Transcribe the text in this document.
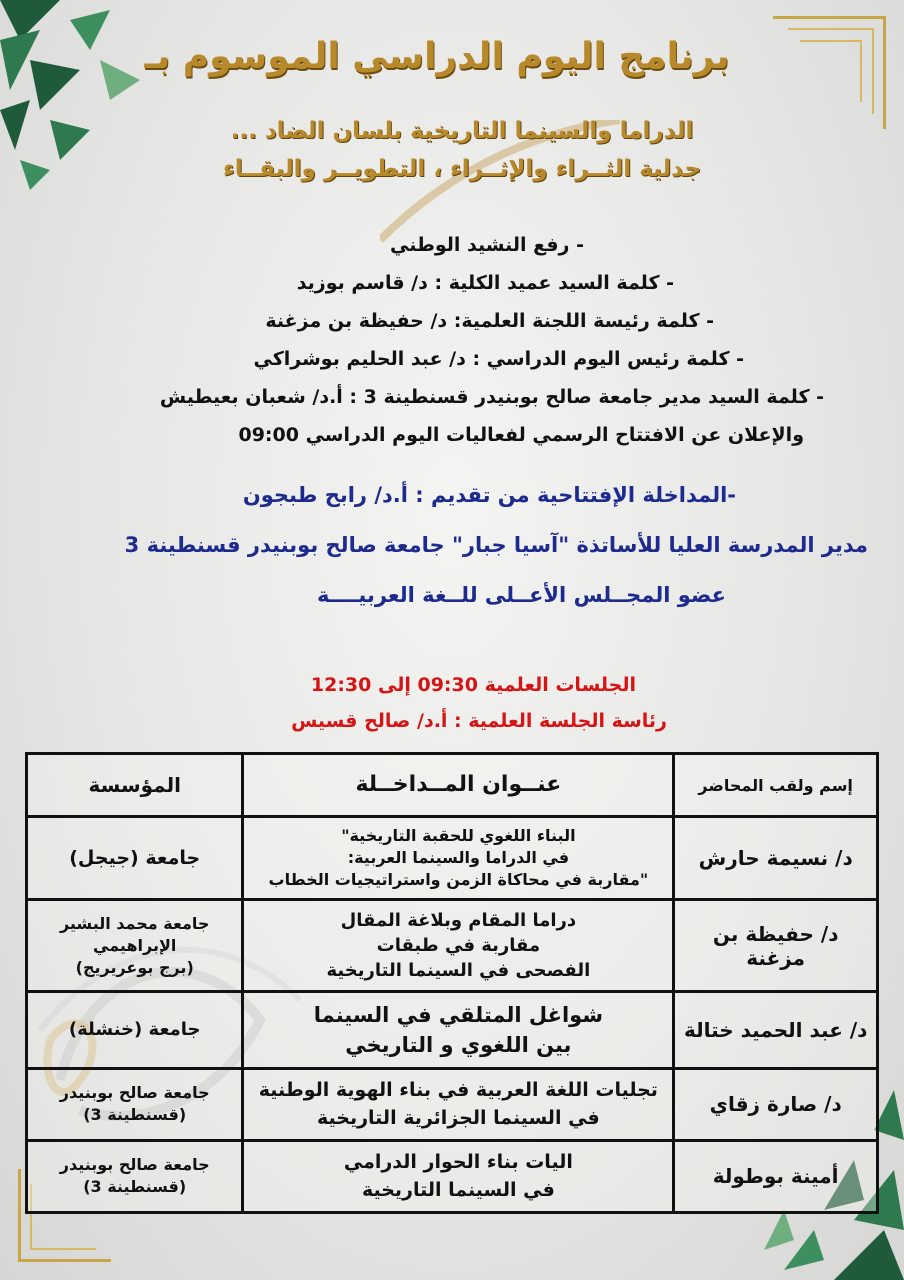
برنامج اليوم الدراسي الموسوم بـ
الدراما والسينما التاريخية بلسان الضاد ...
جدلية الثــراء والإثــراء ، التطويــر والبقــاء

- رفع النشيد الوطني

- كلمة السيد عميد الكلية : د/ قاسم بوزيد

- كلمة رئيسة اللجنة العلمية: د/ حفيظة بن مزغنة

- كلمة رئيس اليوم الدراسي : د/ عبد الحليم بوشراكي

- كلمة السيد مدير جامعة صالح بوبنيدر قسنطينة 3 : أ.د/ شعبان بعيطيش

والإعلان عن الافتتاح الرسمي لفعاليات اليوم الدراسي 09:00

-المداخلة الإفتتاحية من تقديم : أ.د/ رابح طبجون
مدير المدرسة العليا للأساتذة "آسيا جبار" جامعة صالح بوبنيدر قسنطينة 3
عضو المجــلس الأعــلى للــغة العربيــــة
الجلسات العلمية 09:30 إلى 12:30
رئاسة الجلسة العلمية : أ.د/ صالح قسيس
إسم ولقب المحاضر	عنــوان المــداخــلة	المؤسسة
د/ نسيمة حارش	البناء اللغوي للحقبة التاريخية"
في الدراما والسينما العربية:
"مقاربة في محاكاة الزمن واستراتيجيات الخطاب	جامعة (جيجل)

د/ حفيظة بن مزغنة	دراما المقام وبلاغة المقال
مقاربة في طبقات
الفصحى في السينما التاريخية	جامعة محمد البشير
الإبراهيمي
(برج بوعريريج)

د/ عبد الحميد ختالة	شواغل المتلقي في السينما
بين اللغوي و التاريخي	جامعة (خنشلة)

د/ صارة زقاي	تجليات اللغة العربية في بناء الهوية الوطنية
في السينما الجزائرية التاريخية	جامعة صالح بوبنيدر
(قسنطينة 3)

أمينة بوطولة	اليات بناء الحوار الدرامي
في السينما التاريخية	جامعة صالح بوبنيدر
(قسنطينة 3)
